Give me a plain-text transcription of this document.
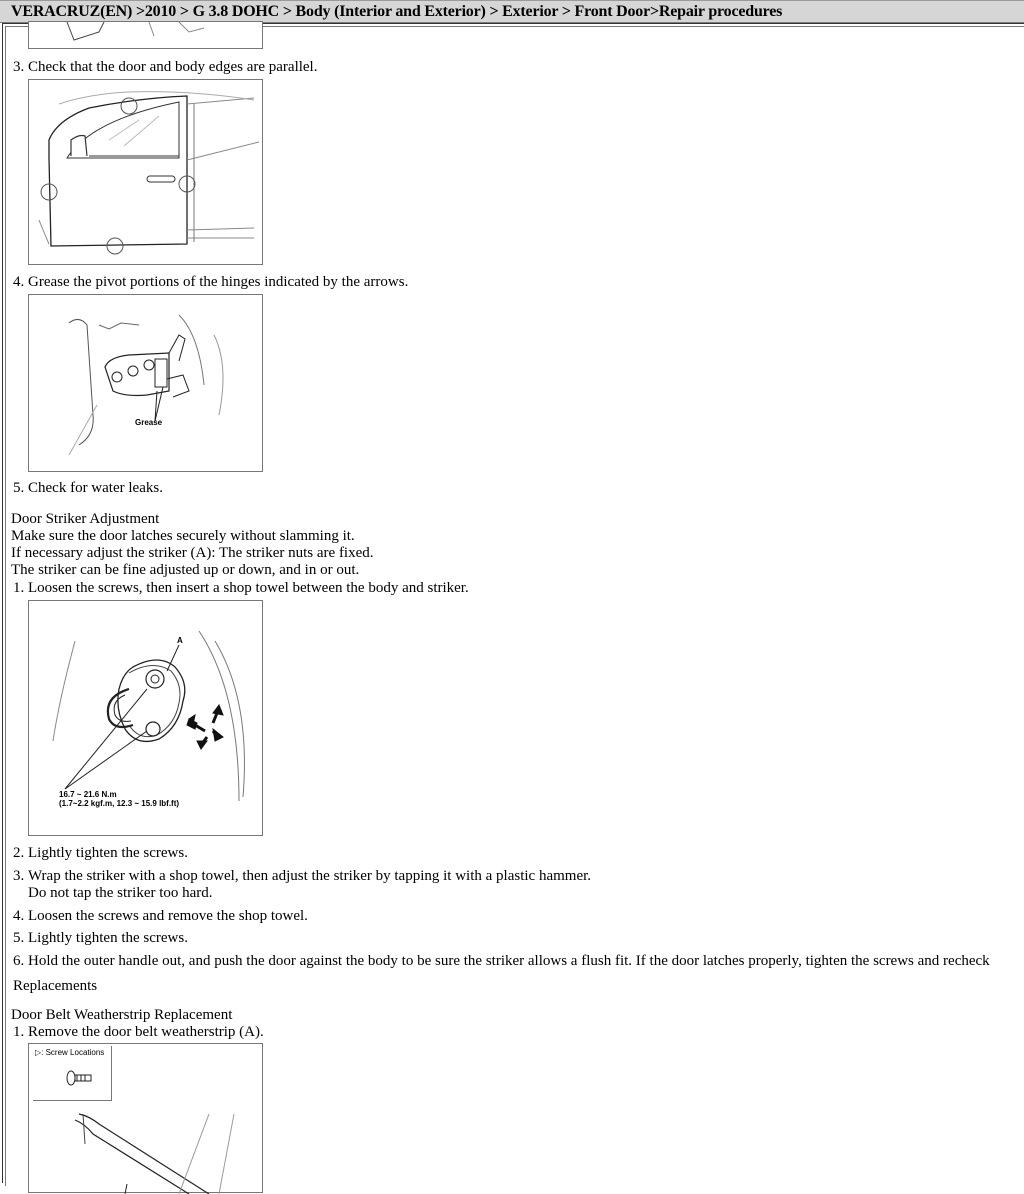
VERACRUZ(EN) >2010 > G 3.8 DOHC > Body (Interior and Exterior) > Exterior > Front Door>Repair procedures
3. Check that the door and body edges are parallel.
4. Grease the pivot portions of the hinges indicated by the arrows.
Grease
5. Check for water leaks.
Door Striker Adjustment
Make sure the door latches securely without slamming it.
If necessary adjust the striker (A): The striker nuts are fixed.
The striker can be fine adjusted up or down, and in or out.
1. Loosen the screws, then insert a shop towel between the body and striker.
A
16.7 ~ 21.6 N.m
(1.7~2.2 kgf.m, 12.3 ~ 15.9 lbf.ft)
2. Lightly tighten the screws.
3. Wrap the striker with a shop towel, then adjust the striker by tapping it with a plastic hammer.
Do not tap the striker too hard.
4. Loosen the screws and remove the shop towel.
5. Lightly tighten the screws.
6. Hold the outer handle out, and push the door against the body to be sure the striker allows a flush fit. If the door latches properly, tighten the screws and recheck
Replacements
Door Belt Weatherstrip Replacement
1. Remove the door belt weatherstrip (A).
▷: Screw Locations
